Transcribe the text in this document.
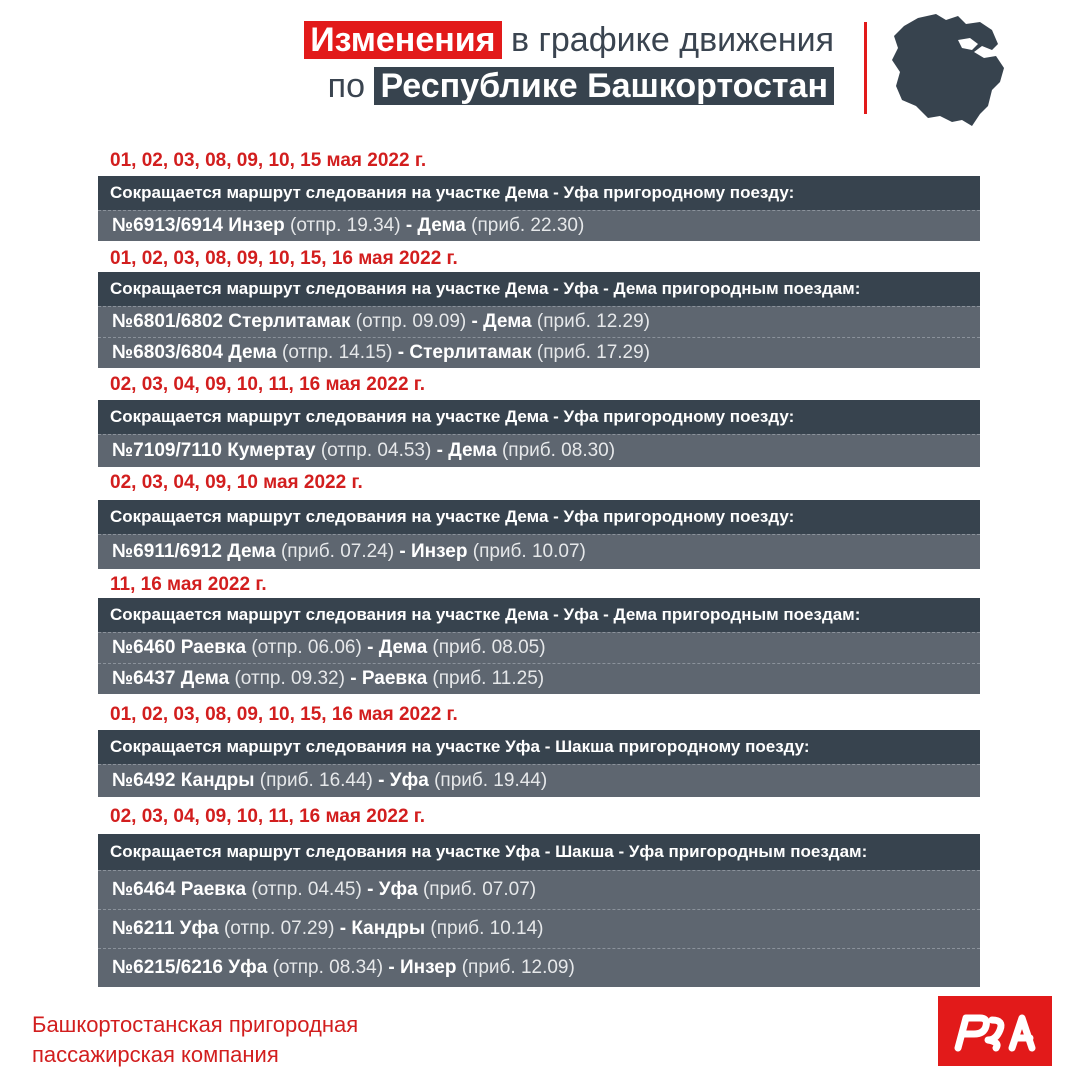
Изменения в графике движения
по Республике Башкортостан
01, 02, 03, 08, 09, 10, 15 мая 2022 г.
Сокращается маршрут следования на участке Дема - Уфа пригородному поезду:
№6913/6914 Инзер (отпр. 19.34) - Дема (приб. 22.30)
01, 02, 03, 08, 09, 10, 15, 16 мая 2022 г.
Сокращается маршрут следования на участке Дема - Уфа - Дема пригородным поездам:
№6801/6802 Стерлитамак (отпр. 09.09) - Дема (приб. 12.29)
№6803/6804 Дема (отпр. 14.15) - Стерлитамак (приб. 17.29)
02, 03, 04, 09, 10, 11, 16 мая 2022 г.
Сокращается маршрут следования на участке Дема - Уфа пригородному поезду:
№7109/7110 Кумертау (отпр. 04.53) - Дема (приб. 08.30)
02, 03, 04, 09, 10 мая 2022 г.
Сокращается маршрут следования на участке Дема - Уфа пригородному поезду:
№6911/6912 Дема (приб. 07.24) - Инзер (приб. 10.07)
11, 16 мая 2022 г.
Сокращается маршрут следования на участке Дема - Уфа - Дема пригородным поездам:
№6460 Раевка (отпр. 06.06) - Дема (приб. 08.05)
№6437 Дема (отпр. 09.32) - Раевка (приб. 11.25)
01, 02, 03, 08, 09, 10, 15, 16 мая 2022 г.
Сокращается маршрут следования на участке Уфа - Шакша пригородному поезду:
№6492 Кандры (приб. 16.44) - Уфа (приб. 19.44)
02, 03, 04, 09, 10, 11, 16 мая 2022 г.
Сокращается маршрут следования на участке Уфа - Шакша - Уфа пригородным поездам:
№6464 Раевка (отпр. 04.45) - Уфа (приб. 07.07)
№6211 Уфа (отпр. 07.29) - Кандры (приб. 10.14)
№6215/6216 Уфа (отпр. 08.34) - Инзер (приб. 12.09)
Башкортостанская пригородная
пассажирская компания
